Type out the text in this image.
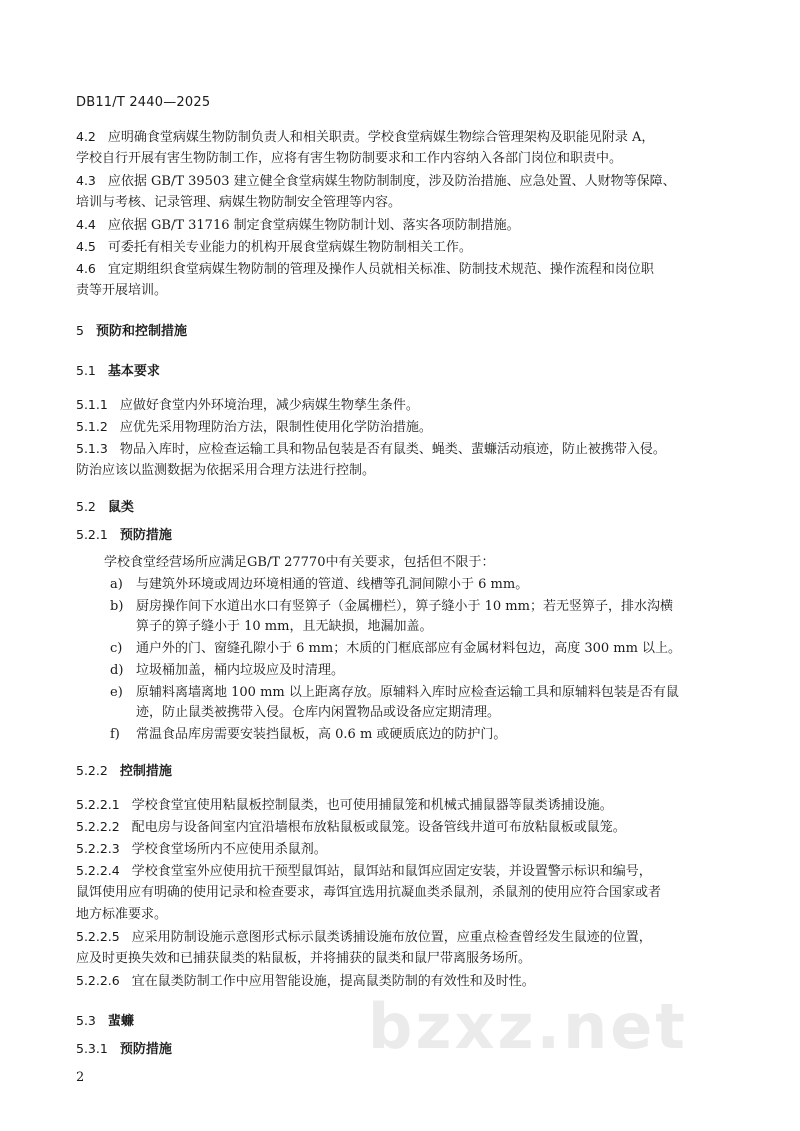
DB11/T 2440—2025
4.2 应明确食堂病媒生物防制负责人和相关职责。学校食堂病媒生物综合管理架构及职能见附录 A，
学校自行开展有害生物防制工作，应将有害生物防制要求和工作内容纳入各部门岗位和职责中。
4.3 应依据 GB/T 39503 建立健全食堂病媒生物防制制度，涉及防治措施、应急处置、人财物等保障、
培训与考核、记录管理、病媒生物防制安全管理等内容。
4.4 应依据 GB/T 31716 制定食堂病媒生物防制计划、落实各项防制措施。
4.5 可委托有相关专业能力的机构开展食堂病媒生物防制相关工作。
4.6 宜定期组织食堂病媒生物防制的管理及操作人员就相关标准、防制技术规范、操作流程和岗位职
责等开展培训。
5 预防和控制措施
5.1 基本要求
5.1.1 应做好食堂内外环境治理，减少病媒生物孳生条件。
5.1.2 应优先采用物理防治方法，限制性使用化学防治措施。
5.1.3 物品入库时，应检查运输工具和物品包装是否有鼠类、蝇类、蜚蠊活动痕迹，防止被携带入侵。
防治应该以监测数据为依据采用合理方法进行控制。
5.2 鼠类
5.2.1 预防措施
学校食堂经营场所应满足GB/T 27770中有关要求，包括但不限于：
a) 与建筑外环境或周边环境相通的管道、线槽等孔洞间隙小于 6 mm。
b) 厨房操作间下水道出水口有竖箅子（金属栅栏），箅子缝小于 10 mm；若无竖箅子，排水沟横
箅子的箅子缝小于 10 mm，且无缺损，地漏加盖。
c) 通户外的门、窗缝孔隙小于 6 mm；木质的门框底部应有金属材料包边，高度 300 mm 以上。
d) 垃圾桶加盖，桶内垃圾应及时清理。
e) 原辅料离墙离地 100 mm 以上距离存放。原辅料入库时应检查运输工具和原辅料包装是否有鼠
迹，防止鼠类被携带入侵。仓库内闲置物品或设备应定期清理。
f) 常温食品库房需要安装挡鼠板，高 0.6 m 或硬质底边的防护门。
5.2.2 控制措施
5.2.2.1 学校食堂宜使用粘鼠板控制鼠类，也可使用捕鼠笼和机械式捕鼠器等鼠类诱捕设施。
5.2.2.2 配电房与设备间室内宜沿墙根布放粘鼠板或鼠笼。设备管线井道可布放粘鼠板或鼠笼。
5.2.2.3 学校食堂场所内不应使用杀鼠剂。
5.2.2.4 学校食堂室外应使用抗干预型鼠饵站，鼠饵站和鼠饵应固定安装，并设置警示标识和编号，
鼠饵使用应有明确的使用记录和检查要求，毒饵宜选用抗凝血类杀鼠剂，杀鼠剂的使用应符合国家或者
地方标准要求。
5.2.2.5 应采用防制设施示意图形式标示鼠类诱捕设施布放位置，应重点检查曾经发生鼠迹的位置，
应及时更换失效和已捕获鼠类的粘鼠板，并将捕获的鼠类和鼠尸带离服务场所。
5.2.2.6 宜在鼠类防制工作中应用智能设施，提高鼠类防制的有效性和及时性。
bzxz.net
5.3 蜚蠊
5.3.1 预防措施
2
